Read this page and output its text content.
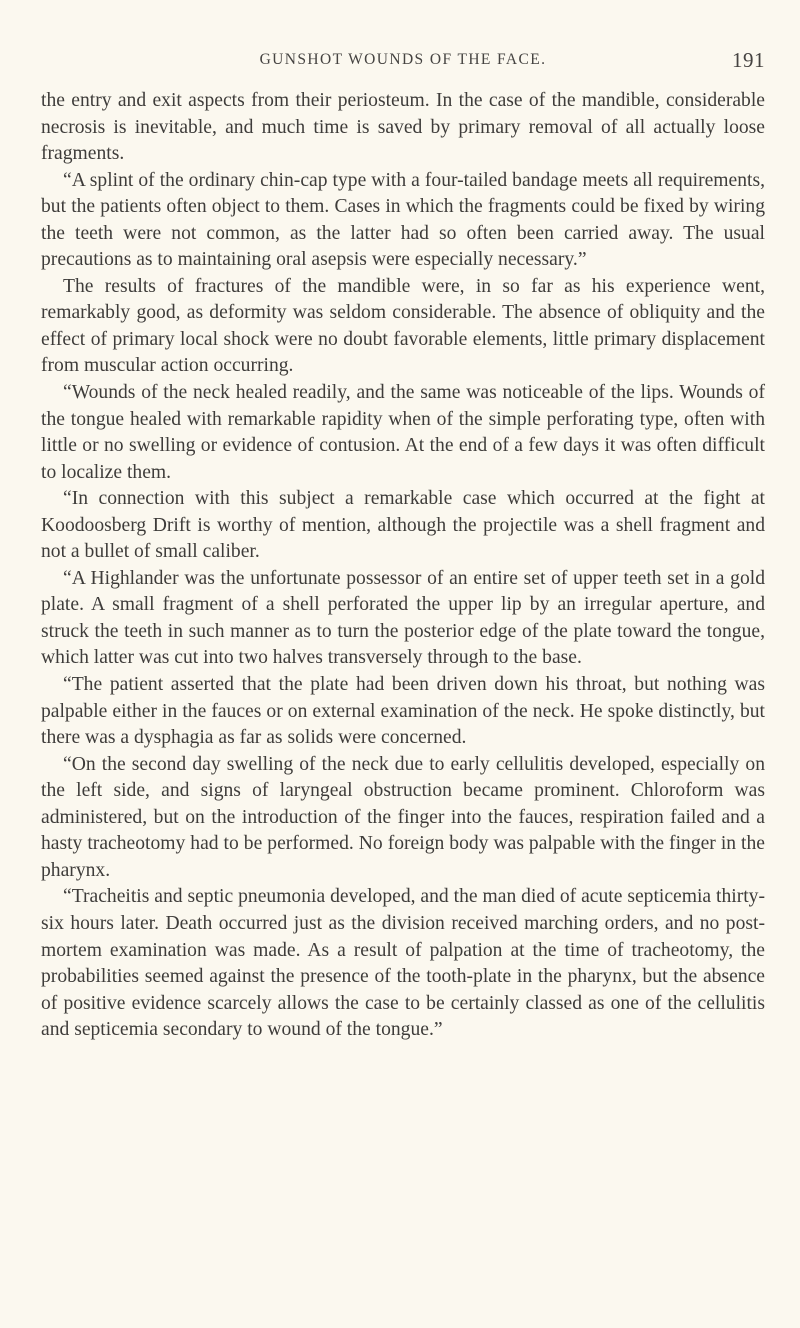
GUNSHOT WOUNDS OF THE FACE.	191

the entry and exit aspects from their periosteum. In the case of the mandible, considerable necrosis is inevitable, and much time is saved by primary removal of all actually loose fragments.

“A splint of the ordinary chin-cap type with a four-tailed bandage meets all requirements, but the patients often object to them. Cases in which the fragments could be fixed by wiring the teeth were not common, as the latter had so often been carried away. The usual precautions as to maintaining oral asepsis were especially necessary.”

The results of fractures of the mandible were, in so far as his experience went, remarkably good, as deformity was seldom considerable. The absence of obliquity and the effect of primary local shock were no doubt favorable elements, little primary displacement from muscular action occurring.

“Wounds of the neck healed readily, and the same was noticeable of the lips. Wounds of the tongue healed with remarkable rapidity when of the simple perforating type, often with little or no swelling or evidence of contusion. At the end of a few days it was often difficult to localize them.

“In connection with this subject a remarkable case which occurred at the fight at Koodoosberg Drift is worthy of mention, although the projectile was a shell fragment and not a bullet of small caliber.

“A Highlander was the unfortunate possessor of an entire set of upper teeth set in a gold plate. A small fragment of a shell perforated the upper lip by an irregular aperture, and struck the teeth in such manner as to turn the posterior edge of the plate toward the tongue, which latter was cut into two halves transversely through to the base.

“The patient asserted that the plate had been driven down his throat, but nothing was palpable either in the fauces or on external examination of the neck. He spoke distinctly, but there was a dysphagia as far as solids were concerned.

“On the second day swelling of the neck due to early cellulitis developed, especially on the left side, and signs of laryngeal obstruction became prominent. Chloroform was administered, but on the introduction of the finger into the fauces, respiration failed and a hasty tracheotomy had to be performed. No foreign body was palpable with the finger in the pharynx.

“Tracheitis and septic pneumonia developed, and the man died of acute septicemia thirty-six hours later. Death occurred just as the division received marching orders, and no post-mortem examination was made. As a result of palpation at the time of tracheotomy, the probabilities seemed against the presence of the tooth-plate in the pharynx, but the absence of positive evidence scarcely allows the case to be certainly classed as one of the cellulitis and septicemia secondary to wound of the tongue.”
